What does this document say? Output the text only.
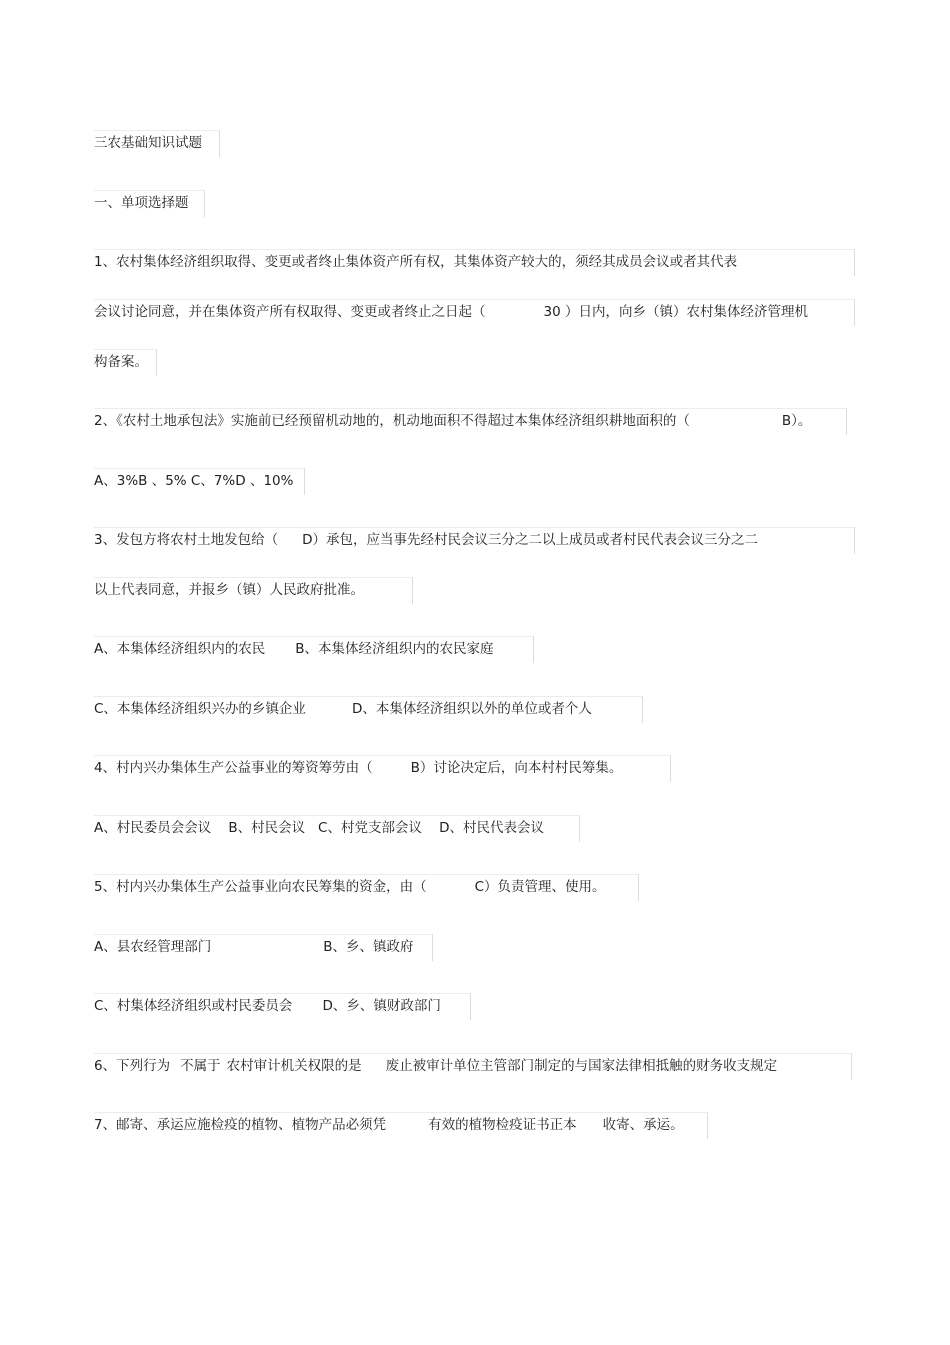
三农基础知识试题
一、单项选择题
1、农村集体经济组织取得、变更或者终止集体资产所有权，其集体资产较大的，须经其成员会议或者其代表
会议讨论同意，并在集体资产所有权取得、变更或者终止之日起（	30 ）日内，向乡（镇）农村集体经济管理机
构备案。
2、《农村土地承包法》实施前已经预留机动地的，机动地面积不得超过本集体经济组织耕地面积的（	B）。
A、3%B 、5% C、7%D 、10%
3、发包方将农村土地发包给（ D）承包，应当事先经村民会议三分之二以上成员或者村民代表会议三分之二
以上代表同意，并报乡（镇）人民政府批准。
A、本集体经济组织内的农民 B、本集体经济组织内的农民家庭
C、本集体经济组织兴办的乡镇企业	D、本集体经济组织以外的单位或者个人
4、村内兴办集体生产公益事业的筹资筹劳由（	B）讨论决定后，向本村村民筹集。
A、村民委员会会议    B、村民会议   C、村党支部会议    D、村民代表会议
5、村内兴办集体生产公益事业向农民筹集的资金，由（	C）负责管理、使用。
A、县农经管理部门	B、乡、镇政府
C、村集体经济组织或村民委员会 D、乡、镇财政部门
6、下列行为 不属于 农村审计机关权限的是 废止被审计单位主管部门制定的与国家法律相抵触的财务收支规定
7、邮寄、承运应施检疫的植物、植物产品必须凭	有效的植物检疫证书正本 收寄、承运。
